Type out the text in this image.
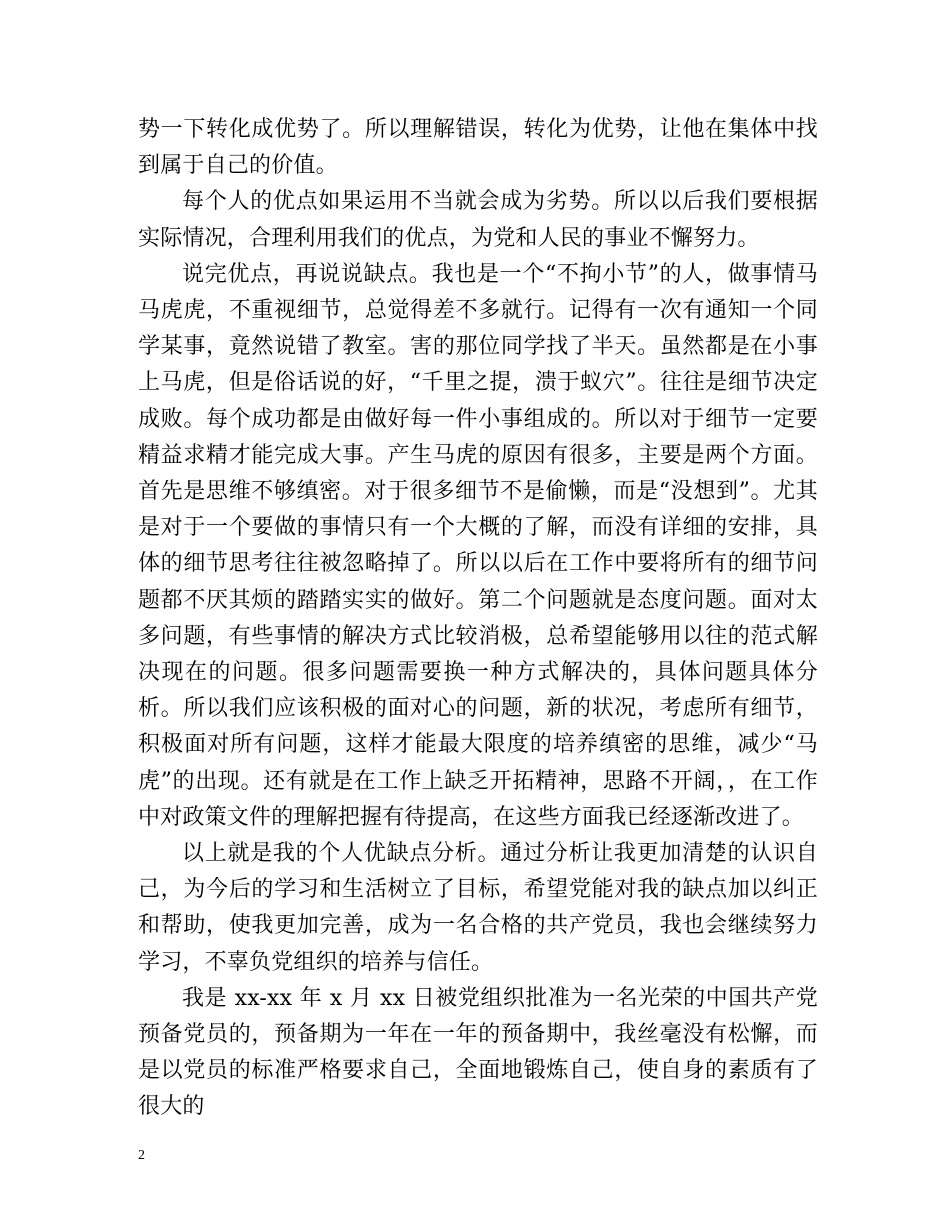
势一下转化成优势了。所以理解错误，转化为优势，让他在集体中找到属于自己的价值。

每个人的优点如果运用不当就会成为劣势。所以以后我们要根据实际情况，合理利用我们的优点，为党和人民的事业不懈努力。

说完优点，再说说缺点。我也是一个“不拘小节”的人，做事情马马虎虎，不重视细节，总觉得差不多就行。记得有一次有通知一个同学某事，竟然说错了教室。害的那位同学找了半天。虽然都是在小事上马虎，但是俗话说的好，“千里之提，溃于蚁穴”。往往是细节决定成败。每个成功都是由做好每一件小事组成的。所以对于细节一定要精益求精才能完成大事。产生马虎的原因有很多，主要是两个方面。首先是思维不够缜密。对于很多细节不是偷懒，而是“没想到”。尤其是对于一个要做的事情只有一个大概的了解，而没有详细的安排，具体的细节思考往往被忽略掉了。所以以后在工作中要将所有的细节问题都不厌其烦的踏踏实实的做好。第二个问题就是态度问题。面对太多问题，有些事情的解决方式比较消极，总希望能够用以往的范式解决现在的问题。很多问题需要换一种方式解决的，具体问题具体分析。所以我们应该积极的面对心的问题，新的状况，考虑所有细节，积极面对所有问题，这样才能最大限度的培养缜密的思维，减少“马虎”的出现。还有就是在工作上缺乏开拓精神，思路不开阔，，在工作中对政策文件的理解把握有待提高，在这些方面我已经逐渐改进了。

以上就是我的个人优缺点分析。通过分析让我更加清楚的认识自己，为今后的学习和生活树立了目标，希望党能对我的缺点加以纠正和帮助，使我更加完善，成为一名合格的共产党员，我也会继续努力学习，不辜负党组织的培养与信任。

我是 xx-xx 年 x 月 xx 日被党组织批准为一名光荣的中国共产党预备党员的，预备期为一年在一年的预备期中，我丝毫没有松懈，而是以党员的标准严格要求自己，全面地锻炼自己，使自身的素质有了很大的

2
